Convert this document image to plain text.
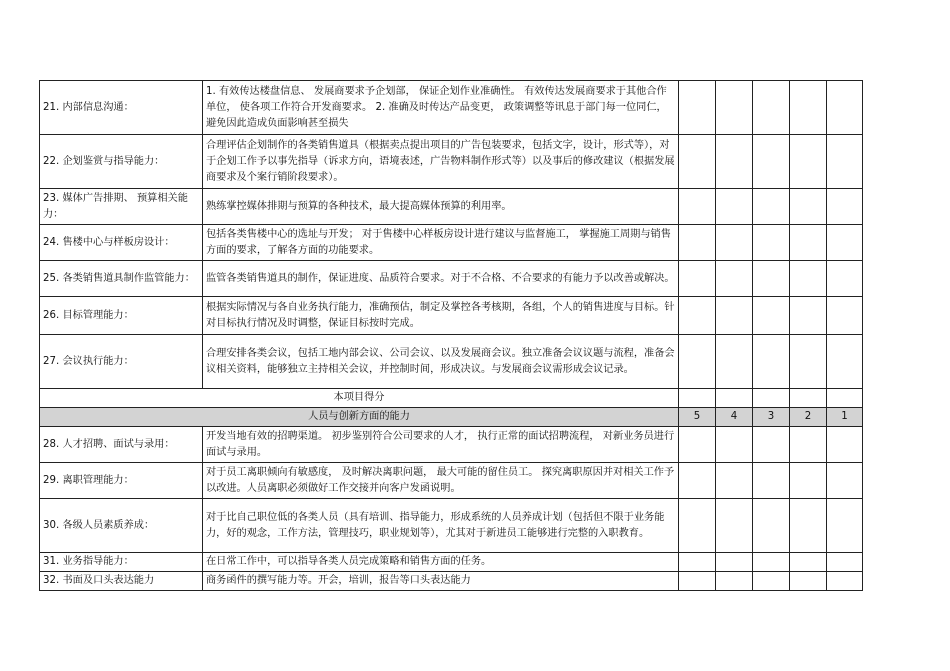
21. 内部信息沟通：	1. 有效传达楼盘信息、 发展商要求予企划部， 保证企划作业准确性。 有效传达发展商要求于其他合作单位， 使各项工作符合开发商要求。 2. 准确及时传达产品变更， 政策调整等讯息于部门每一位同仁，避免因此造成负面影响甚至损失					
22. 企划鉴赏与指导能力：	合理评估企划制作的各类销售道具（根据卖点提出项目的广告包装要求，包括文字，设计，形式等），对于企划工作予以事先指导（诉求方向，语境表述，广告物料制作形式等）以及事后的修改建议（根据发展商要求及个案行销阶段要求）。					
23. 媒体广告排期、 预算相关能力：	熟练掌控媒体排期与预算的各种技术，最大提高媒体预算的利用率。					
24. 售楼中心与样板房设计：	包括各类售楼中心的选址与开发； 对于售楼中心样板房设计进行建议与监督施工， 掌握施工周期与销售方面的要求，了解各方面的功能要求。					
25. 各类销售道具制作监管能力：	监管各类销售道具的制作，保证进度、品质符合要求。对于不合格、不合要求的有能力予以改善或解决。					
26. 目标管理能力：	根据实际情况与各自业务执行能力，准确预估，制定及掌控各考核期，各组，个人的销售进度与目标。针对目标执行情况及时调整，保证目标按时完成。					
27. 会议执行能力：	合理安排各类会议，包括工地内部会议、公司会议、以及发展商会议。独立准备会议议题与流程，准备会议相关资料，能够独立主持相关会议，并控制时间，形成决议。与发展商会议需形成会议记录。					
本项目得分						
人员与创新方面的能力		5	4	3	2	1
28. 人才招聘、面试与录用：	开发当地有效的招聘渠道。 初步鉴别符合公司要求的人才， 执行正常的面试招聘流程， 对新业务员进行面试与录用。					
29. 离职管理能力：	对于员工离职倾向有敏感度， 及时解决离职问题， 最大可能的留住员工。 探究离职原因并对相关工作予以改进。人员离职必须做好工作交接并向客户发函说明。					
30. 各级人员素质养成：	对于比自己职位低的各类人员（具有培训、指导能力，形成系统的人员养成计划（包括但不限于业务能力，好的观念，工作方法，管理技巧，职业规划等），尤其对于新进员工能够进行完整的入职教育。					
31. 业务指导能力：	在日常工作中，可以指导各类人员完成策略和销售方面的任务。					
32. 书面及口头表达能力	商务函件的撰写能力等。开会，培训，报告等口头表达能力					
